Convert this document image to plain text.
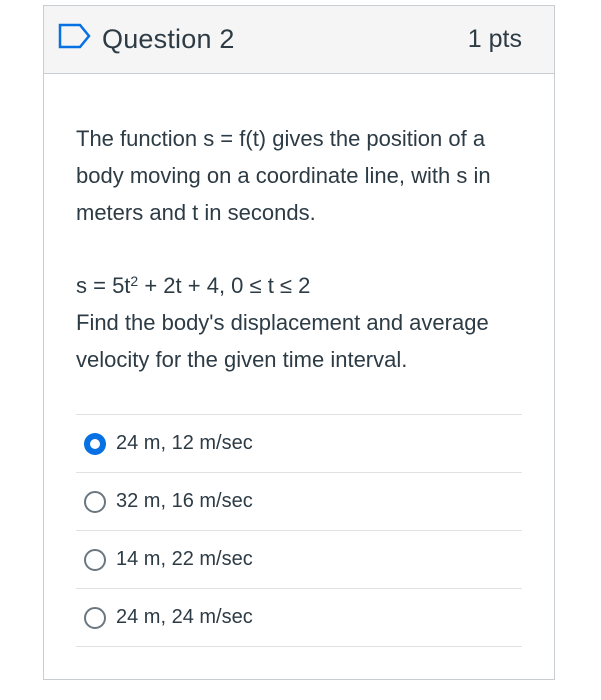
Question 2	1 pts
The function s = f(t) gives the position of a body moving on a coordinate line, with s in meters and t in seconds.
$s = 5t^2 + 2t + 4$, 0 ≤ t ≤ 2
Find the body's displacement and average velocity for the given time interval.
24 m, 12 m/sec
32 m, 16 m/sec
14 m, 22 m/sec
24 m, 24 m/sec
